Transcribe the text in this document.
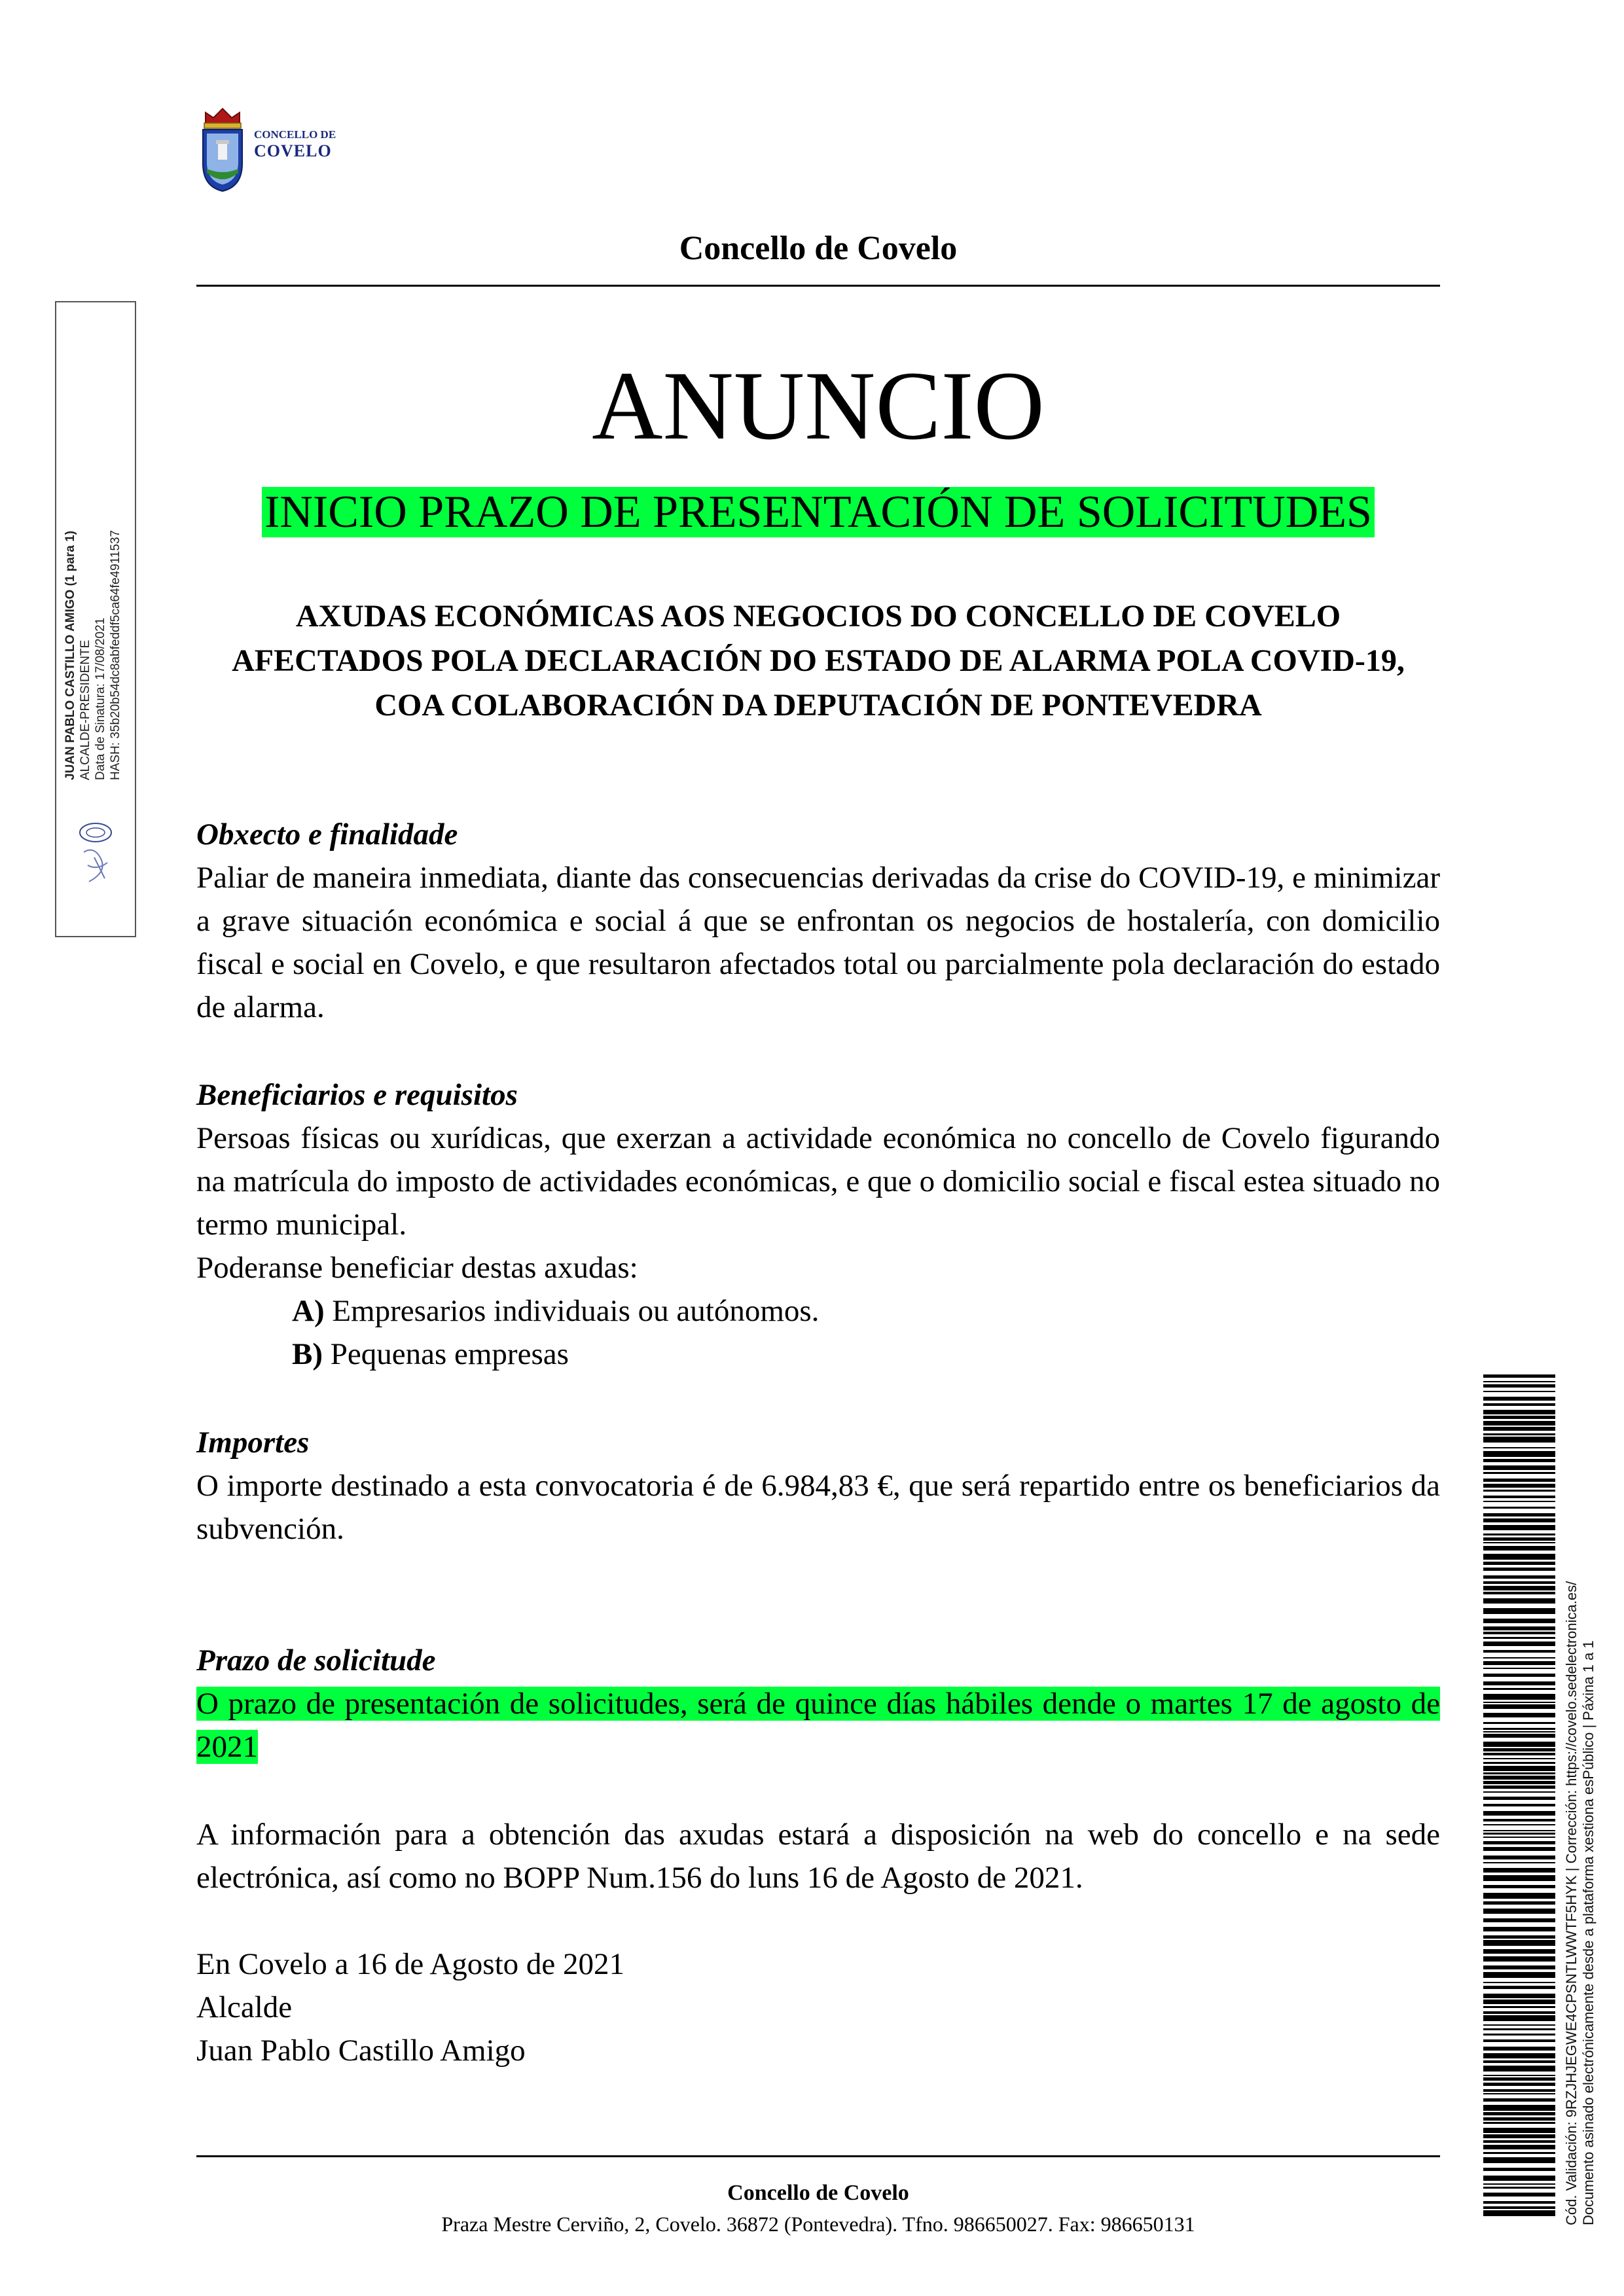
CONCELLO DE
COVELO
Concello de Covelo
ANUNCIO
INICIO PRAZO DE PRESENTACIÓN DE SOLICITUDES
AXUDAS ECONÓMICAS AOS NEGOCIOS DO CONCELLO DE COVELO
AFECTADOS POLA DECLARACIÓN DO ESTADO DE ALARMA POLA COVID-19,
COA COLABORACIÓN DA DEPUTACIÓN DE PONTEVEDRA

Obxecto e finalidade

Paliar de maneira inmediata, diante das consecuencias derivadas da crise do COVID-19, e minimizar a grave situación económica e social á que se enfrontan os negocios de hostalería, con domicilio fiscal e social en Covelo, e que resultaron afectados total ou parcialmente pola declaración do estado de alarma.

Beneficiarios e requisitos

Persoas físicas ou xurídicas, que exerzan a actividade económica no concello de Covelo figurando na matrícula do imposto de actividades económicas, e que o domicilio social e fiscal estea situado no termo municipal.

Poderanse beneficiar destas axudas:

A) Empresarios individuais ou autónomos.

B) Pequenas empresas

Importes

O importe destinado a esta convocatoria é de 6.984,83 €, que será repartido entre os beneficiarios da subvención.

Prazo de solicitude

O prazo de presentación de solicitudes, será de quince días hábiles dende o martes 17 de agosto de 2021

A información para a obtención das axudas estará a disposición na web do concello e na sede electrónica, así como no BOPP Num.156 do luns 16 de Agosto de 2021.

En Covelo a 16 de Agosto de 2021

Alcalde

Juan Pablo Castillo Amigo

Concello de Covelo
Praza Mestre Cerviño, 2, Covelo. 36872 (Pontevedra). Tfno. 986650027. Fax: 986650131
JUAN PABLO CASTILLO AMIGO (1 para 1) ALCALDE-PRESIDENTE Data de Sinatura: 17/08/2021 HASH: 35b20b54dc8abfeddf5ca64fe4911537
Cód. Validación: 9RZJHJEGWE4CPSNTLWWTF5HYK | Corrección: https://covelo.sedelectronica.es/ Documento asinado electrónicamente desde a plataforma xestiona esPúblico | Páxina 1 a 1
